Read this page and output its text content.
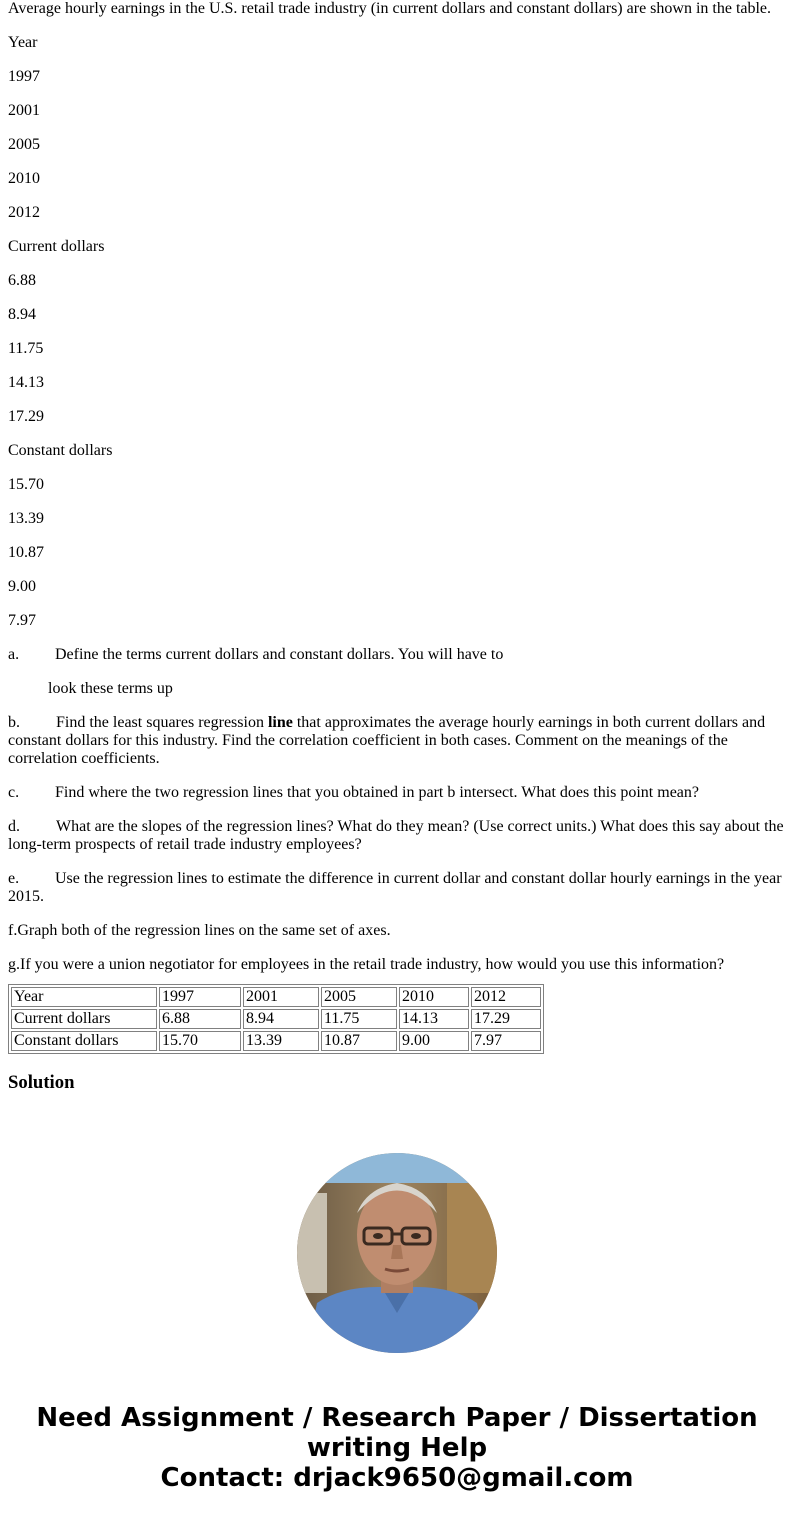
Average hourly earnings in the U.S. retail trade industry (in current dollars and constant dollars) are shown in the table.

Year

1997

2001

2005

2010

2012

Current dollars

6.88

8.94

11.75

14.13

17.29

Constant dollars

15.70

13.39

10.87

9.00

7.97

a. Define the terms current dollars and constant dollars. You will have to

look these terms up

b. Find the least squares regression line that approximates the average hourly earnings in both current dollars and constant dollars for this industry. Find the correlation coefficient in both cases. Comment on the meanings of the correlation coefficients.

c. Find where the two regression lines that you obtained in part b intersect. What does this point mean?

d. What are the slopes of the regression lines? What do they mean? (Use correct units.) What does this say about the long-term prospects of retail trade industry employees?

e. Use the regression lines to estimate the difference in current dollar and constant dollar hourly earnings in the year 2015.

f.Graph both of the regression lines on the same set of axes.

g.If you were a union negotiator for employees in the retail trade industry, how would you use this information?

Year	1997	2001	2005	2010	2012
Current dollars	6.88	8.94	11.75	14.13	17.29
Constant dollars	15.70	13.39	10.87	9.00	7.97
Solution
Need Assignment / Research Paper / Dissertation
writing Help
Contact: drjack9650@gmail.com
